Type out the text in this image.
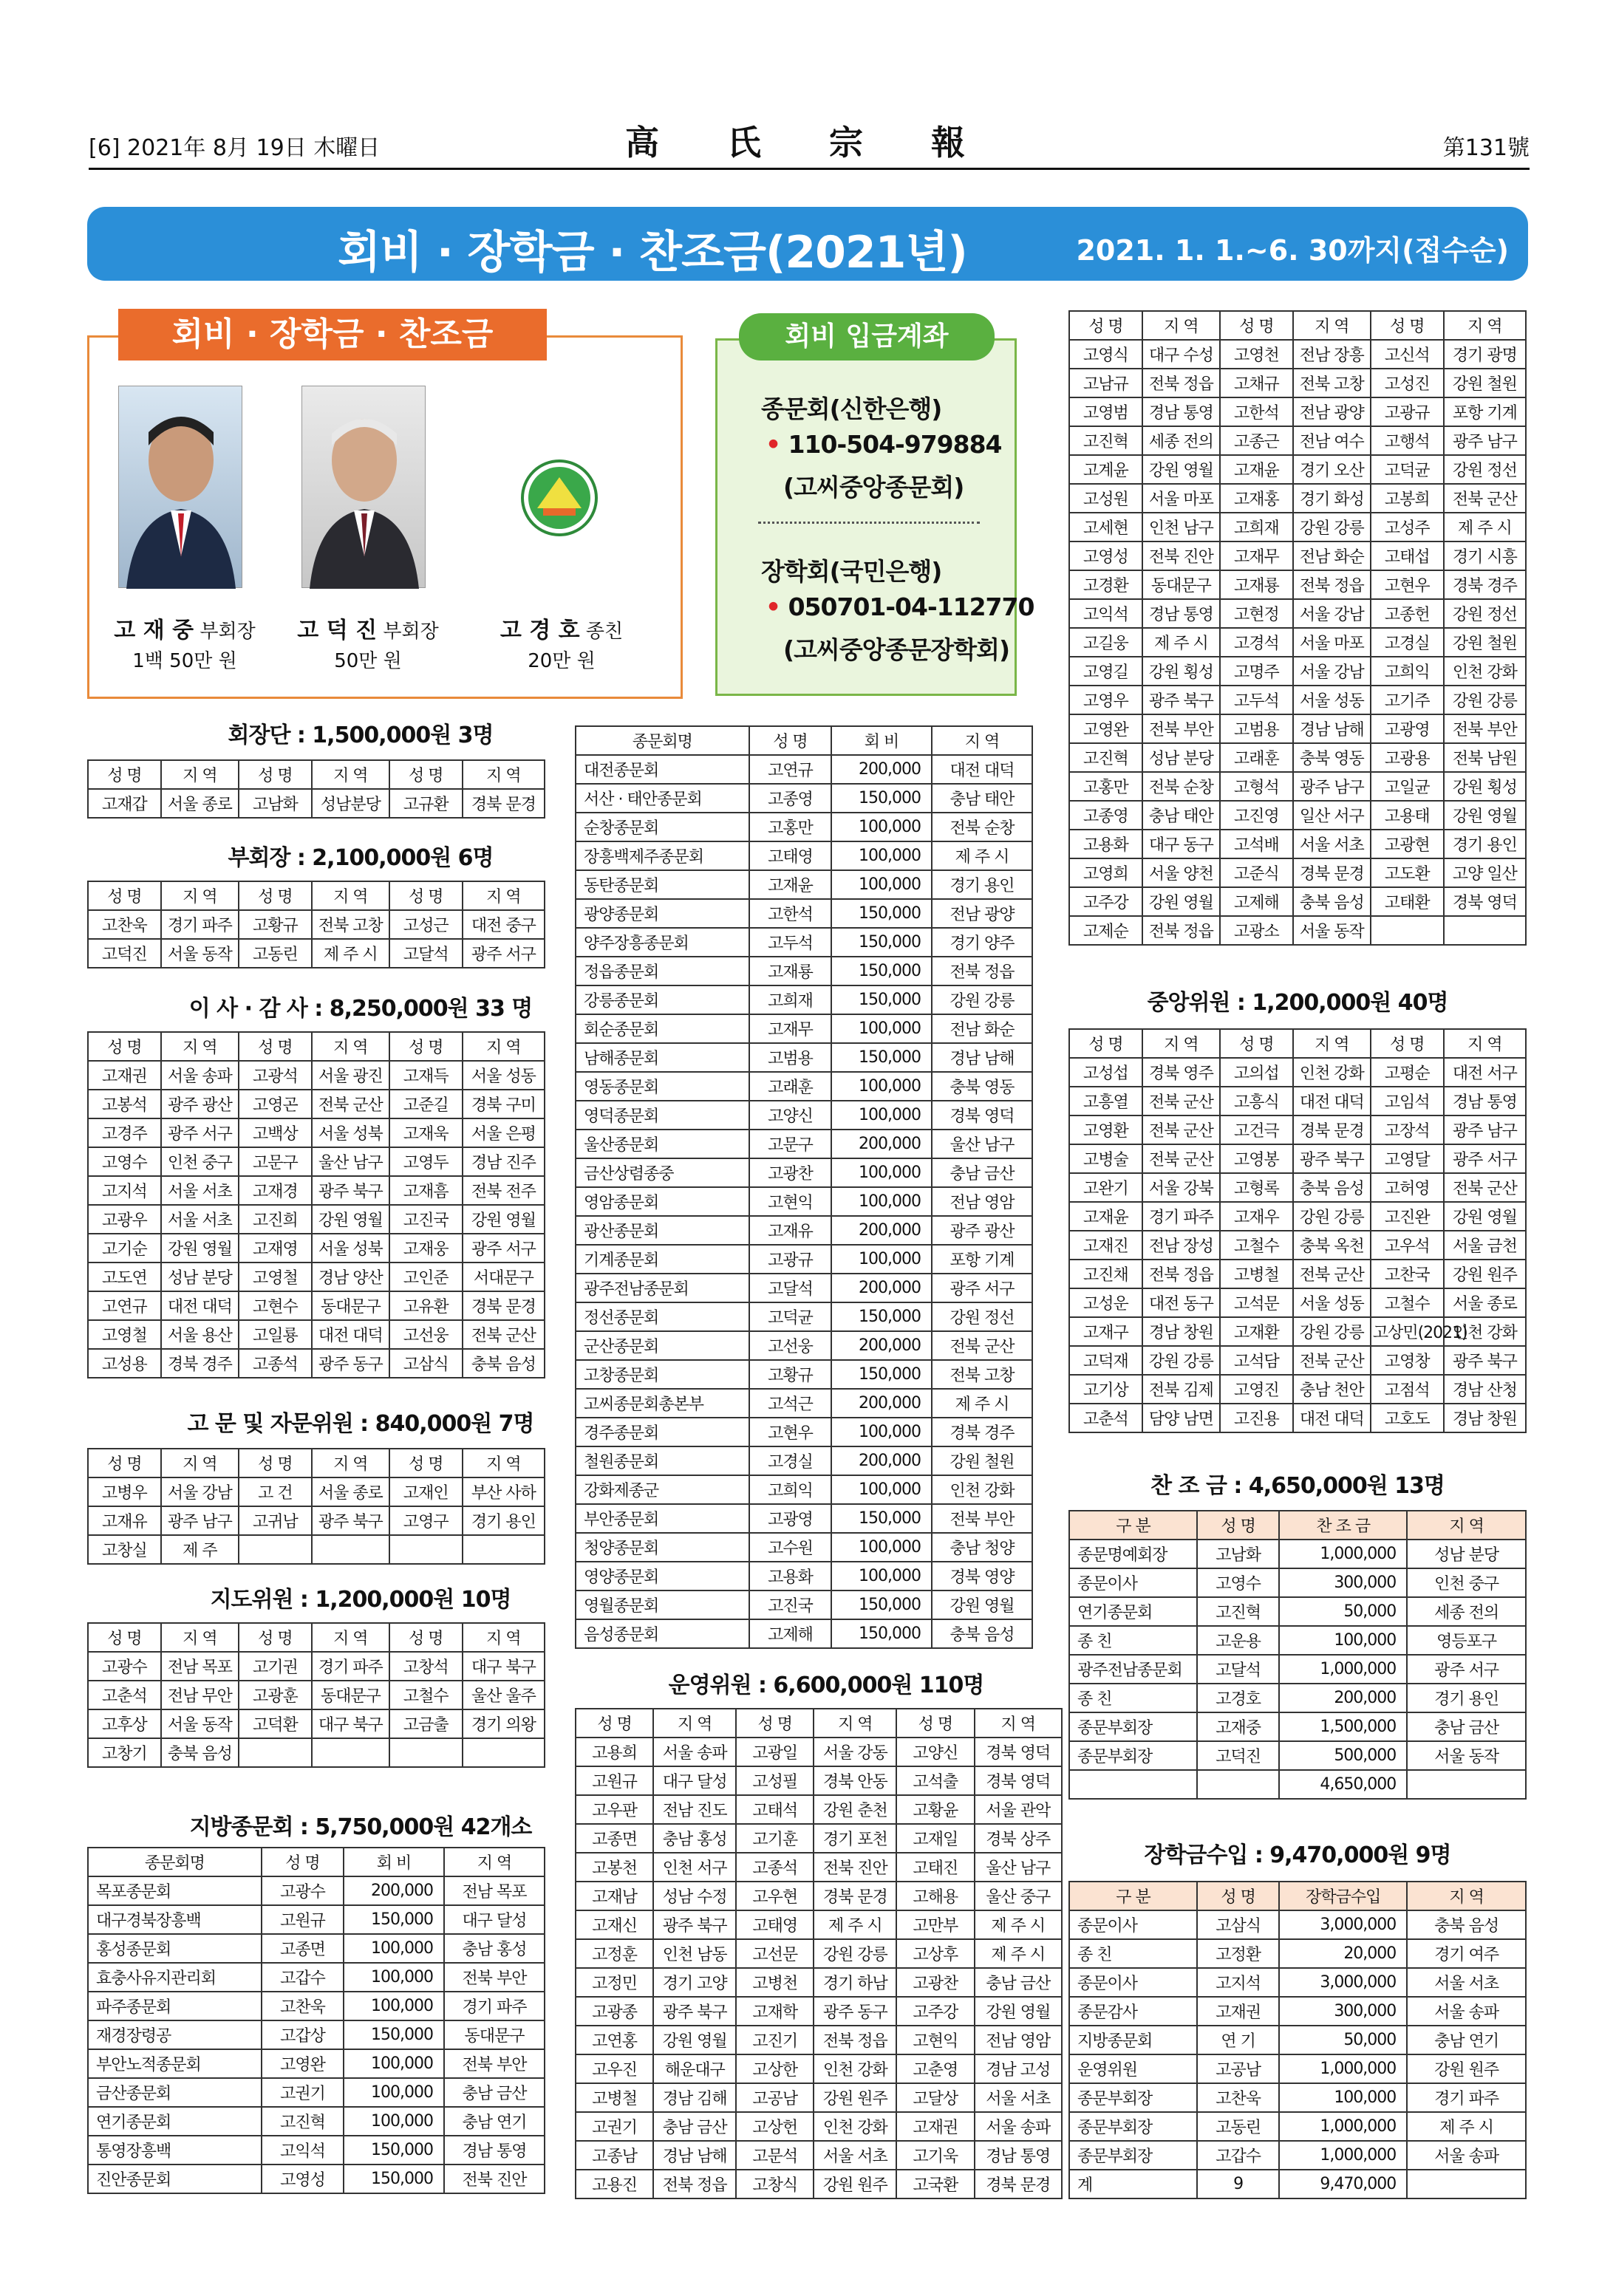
[6] 2021年 8月 19日 木曜日	高 氏 宗 報	第131號
회비 · 장학금 · 찬조금(2021년)	2021. 1. 1.~6. 30까지(접수순)
회비 · 장학금 · 찬조금
고 재 중 부회장
1백 50만 원
고 덕 진 부회장
50만 원
고 경 호 종친
20만 원
회비 입금계좌
종문회(신한은행)
• 110-504-979884
(고씨중앙종문회)
장학회(국민은행)
• 050701-04-112770
(고씨중앙종문장학회)
회장단 : 1,500,000원 3명
부회장 : 2,100,000원 6명
이 사 · 감 사 : 8,250,000원 33 명
고 문 및 자문위원 : 840,000원 7명
지도위원 : 1,200,000원 10명
지방종문회 : 5,750,000원 42개소
운영위원 : 6,600,000원 110명
중앙위원 : 1,200,000원 40명
찬 조 금 : 4,650,000원 13명
장학금수입 : 9,470,000원 9명
성 명	지 역	성 명	지 역	성 명	지 역
고재갑	서울 종로	고남화	성남분당	고규환	경북 문경
성 명	지 역	성 명	지 역	성 명	지 역
고찬욱	경기 파주	고황규	전북 고창	고성근	대전 중구
고덕진	서울 동작	고동린	제 주 시	고달석	광주 서구
성 명	지 역	성 명	지 역	성 명	지 역
고재권	서울 송파	고광석	서울 광진	고재득	서울 성동
고봉석	광주 광산	고영곤	전북 군산	고준길	경북 구미
고경주	광주 서구	고백상	서울 성북	고재욱	서울 은평
고영수	인천 중구	고문구	울산 남구	고영두	경남 진주
고지석	서울 서초	고재경	광주 북구	고재흠	전북 전주
고광우	서울 서초	고진희	강원 영월	고진국	강원 영월
고기순	강원 영월	고재영	서울 성북	고재웅	광주 서구
고도연	성남 분당	고영철	경남 양산	고인준	서대문구
고연규	대전 대덕	고현수	동대문구	고유환	경북 문경
고영철	서울 용산	고일룡	대전 대덕	고선웅	전북 군산
고성용	경북 경주	고종석	광주 동구	고삼식	충북 음성
성 명	지 역	성 명	지 역	성 명	지 역
고병우	서울 강남	고 건	서울 종로	고재인	부산 사하
고재유	광주 남구	고귀남	광주 북구	고영구	경기 용인
고창실	제 주				
성 명	지 역	성 명	지 역	성 명	지 역
고광수	전남 목포	고기권	경기 파주	고창석	대구 북구
고춘석	전남 무안	고광훈	동대문구	고철수	울산 울주
고후상	서울 동작	고덕환	대구 북구	고금출	경기 의왕
고창기	충북 음성				
종문회명	성 명	회 비	지 역
목포종문회	고광수	200,000	전남 목포
대구경북장흥백	고원규	150,000	대구 달성
홍성종문회	고종면	100,000	충남 홍성
효충사유지관리회	고갑수	100,000	전북 부안
파주종문회	고찬욱	100,000	경기 파주
재경장령공	고갑상	150,000	동대문구
부안노적종문회	고영완	100,000	전북 부안
금산종문회	고권기	100,000	충남 금산
연기종문회	고진혁	100,000	충남 연기
통영장흥백	고익석	150,000	경남 통영
진안종문회	고영성	150,000	전북 진안
종문회명	성 명	회 비	지 역
대전종문회	고연규	200,000	대전 대덕
서산 · 태안종문회	고종영	150,000	충남 태안
순창종문회	고홍만	100,000	전북 순창
장흥백제주종문회	고태영	100,000	제 주 시
동탄종문회	고재윤	100,000	경기 용인
광양종문회	고한석	150,000	전남 광양
양주장흥종문회	고두석	150,000	경기 양주
정읍종문회	고재룡	150,000	전북 정읍
강릉종문회	고희재	150,000	강원 강릉
회순종문회	고재무	100,000	전남 화순
남해종문회	고범용	150,000	경남 남해
영동종문회	고래훈	100,000	충북 영동
영덕종문회	고양신	100,000	경북 영덕
울산종문회	고문구	200,000	울산 남구
금산상렴종중	고광찬	100,000	충남 금산
영암종문회	고현익	100,000	전남 영암
광산종문회	고재유	200,000	광주 광산
기계종문회	고광규	100,000	포항 기계
광주전남종문회	고달석	200,000	광주 서구
정선종문회	고덕균	150,000	강원 정선
군산종문회	고선웅	200,000	전북 군산
고창종문회	고황규	150,000	전북 고창
고씨종문회총본부	고석근	200,000	제 주 시
경주종문회	고현우	100,000	경북 경주
철원종문회	고경실	200,000	강원 철원
강화제종군	고희익	100,000	인천 강화
부안종문회	고광영	150,000	전북 부안
청양종문회	고수원	100,000	충남 청양
영양종문회	고용화	100,000	경북 영양
영월종문회	고진국	150,000	강원 영월
음성종문회	고제해	150,000	충북 음성
성 명	지 역	성 명	지 역	성 명	지 역
고용희	서울 송파	고광일	서울 강동	고양신	경북 영덕
고원규	대구 달성	고성필	경북 안동	고석출	경북 영덕
고우판	전남 진도	고태석	강원 춘천	고황윤	서울 관악
고종면	충남 홍성	고기훈	경기 포천	고재일	경북 상주
고봉천	인천 서구	고종석	전북 진안	고태진	울산 남구
고재남	성남 수정	고우현	경북 문경	고해용	울산 중구
고재신	광주 북구	고태영	제 주 시	고만부	제 주 시
고정훈	인천 남동	고선문	강원 강릉	고상후	제 주 시
고정민	경기 고양	고병천	경기 하남	고광찬	충남 금산
고광종	광주 북구	고재학	광주 동구	고주강	강원 영월
고연홍	강원 영월	고진기	전북 정읍	고현익	전남 영암
고우진	해운대구	고상한	인천 강화	고춘영	경남 고성
고병철	경남 김해	고공남	강원 원주	고달상	서울 서초
고권기	충남 금산	고상헌	인천 강화	고재권	서울 송파
고종남	경남 남해	고문석	서울 서초	고기욱	경남 통영
고용진	전북 정읍	고창식	강원 원주	고국환	경북 문경
성 명	지 역	성 명	지 역	성 명	지 역
고영식	대구 수성	고영천	전남 장흥	고신석	경기 광명
고남규	전북 정읍	고채규	전북 고창	고성진	강원 철원
고영범	경남 통영	고한석	전남 광양	고광규	포항 기계
고진혁	세종 전의	고종근	전남 여수	고행석	광주 남구
고계윤	강원 영월	고재윤	경기 오산	고덕균	강원 정선
고성원	서울 마포	고재홍	경기 화성	고봉희	전북 군산
고세현	인천 남구	고희재	강원 강릉	고성주	제 주 시
고영성	전북 진안	고재무	전남 화순	고태섭	경기 시흥
고경환	동대문구	고재룡	전북 정읍	고현우	경북 경주
고익석	경남 통영	고현정	서울 강남	고종헌	강원 정선
고길웅	제 주 시	고경석	서울 마포	고경실	강원 철원
고영길	강원 횡성	고명주	서울 강남	고희익	인천 강화
고영우	광주 북구	고두석	서울 성동	고기주	강원 강릉
고영완	전북 부안	고범용	경남 남해	고광영	전북 부안
고진혁	성남 분당	고래훈	충북 영동	고광용	전북 남원
고홍만	전북 순창	고형석	광주 남구	고일균	강원 횡성
고종영	충남 태안	고진영	일산 서구	고용태	강원 영월
고용화	대구 동구	고석배	서울 서초	고광현	경기 용인
고영희	서울 양천	고준식	경북 문경	고도환	고양 일산
고주강	강원 영월	고제해	충북 음성	고태환	경북 영덕
고제순	전북 정읍	고광소	서울 동작		
성 명	지 역	성 명	지 역	성 명	지 역
고성섭	경북 영주	고의섭	인천 강화	고평순	대전 서구
고흥열	전북 군산	고흥식	대전 대덕	고임석	경남 통영
고영환	전북 군산	고건극	경북 문경	고장석	광주 남구
고병술	전북 군산	고영봉	광주 북구	고영달	광주 서구
고완기	서울 강북	고형록	충북 음성	고허영	전북 군산
고재윤	경기 파주	고재우	강원 강릉	고진완	강원 영월
고재진	전남 장성	고철수	충북 옥천	고우석	서울 금천
고진채	전북 정읍	고병철	전북 군산	고찬국	강원 원주
고성운	대전 동구	고석문	서울 성동	고철수	서울 종로
고재구	경남 창원	고재환	강원 강릉	고상민(2021)	인천 강화
고덕재	강원 강릉	고석담	전북 군산	고영창	광주 북구
고기상	전북 김제	고영진	충남 천안	고점석	경남 산청
고춘석	담양 남면	고진용	대전 대덕	고호도	경남 창원
구 분	성 명	찬 조 금	지 역
종문명예회장	고남화	1,000,000	성남 분당
종문이사	고영수	300,000	인천 중구
연기종문회	고진혁	50,000	세종 전의
종 친	고운용	100,000	영등포구
광주전남종문회	고달석	1,000,000	광주 서구
종 친	고경호	200,000	경기 용인
종문부회장	고재중	1,500,000	충남 금산
종문부회장	고덕진	500,000	서울 동작
		4,650,000	
구 분	성 명	장학금수입	지 역
종문이사	고삼식	3,000,000	충북 음성
종 친	고정환	20,000	경기 여주
종문이사	고지석	3,000,000	서울 서초
종문감사	고재권	300,000	서울 송파
지방종문회	연 기	50,000	충남 연기
운영위원	고공남	1,000,000	강원 원주
종문부회장	고찬욱	100,000	경기 파주
종문부회장	고동린	1,000,000	제 주 시
종문부회장	고갑수	1,000,000	서울 송파
계	9	9,470,000	
